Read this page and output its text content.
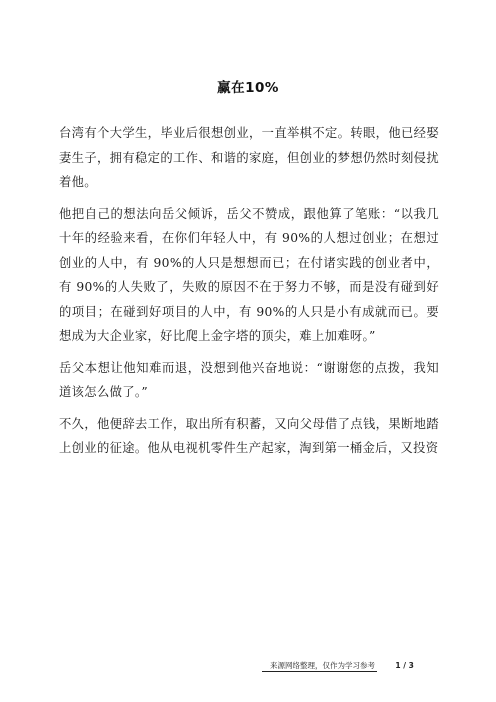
赢在10%

台湾有个大学生，毕业后很想创业，一直举棋不定。转眼，他已经娶妻生子，拥有稳定的工作、和谐的家庭，但创业的梦想仍然时刻侵扰着他。

他把自己的想法向岳父倾诉，岳父不赞成，跟他算了笔账：“以我几十年的经验来看，在你们年轻人中，有 90%的人想过创业；在想过创业的人中，有 90%的人只是想想而已；在付诸实践的创业者中，有 90%的人失败了，失败的原因不在于努力不够，而是没有碰到好的项目；在碰到好项目的人中，有 90%的人只是小有成就而已。要想成为大企业家，好比爬上金字塔的顶尖，难上加难呀。”

岳父本想让他知难而退，没想到他兴奋地说：“谢谢您的点拨，我知道该怎么做了。”

不久，他便辞去工作，取出所有积蓄，又向父母借了点钱，果断地踏上创业的征途。他从电视机零件生产起家，淘到第一桶金后，又投资

来源网络整理，仅作为学习参考	1 / 3
